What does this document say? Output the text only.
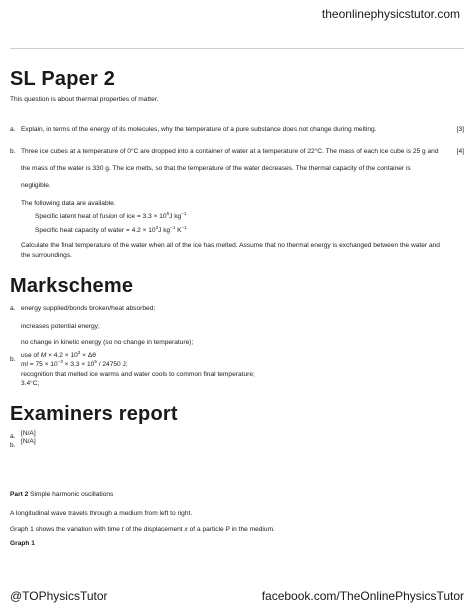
theonlinephysicstutor.com
SL Paper 2
This question is about thermal properties of matter.
a. Explain, in terms of the energy of its molecules, why the temperature of a pure substance does not change during melting.	[3]
b. Three ice cubes at a temperature of 0°C are dropped into a container of water at a temperature of 22°C. The mass of each ice cube is 25 g and	[4]
the mass of the water is 330 g. The ice melts, so that the temperature of the water decreases. The thermal capacity of the container is
negligible.
The following data are available.
Specific latent heat of fusion of ice = $3.3 \times 10^5J$ $kg^{-1}$
Specific heat capacity of water = $4.2 \times 10^3J$ $kg^{-1}$ $K^{-1}$
Calculate the final temperature of the water when all of the ice has melted. Assume that no thermal energy is exchanged between the water and
the surroundings.
Markscheme
a. energy supplied/bonds broken/heat absorbed;
increases potential energy;
no change in kinetic energy (so no change in temperature);
b.
use of $M \times 4.2 \times 10^3 \times \Delta\theta$
ml = $75 \times 10^{-3} \times 3.3 \times 10^5 / 24750$ J;
recognition that melted ice warms and water cools to common final temperature;
3.4°C;
Examiners report
a. [N/A]
b.
[N/A]
Part 2 Simple harmonic oscillations
A longitudinal wave travels through a medium from left to right.
Graph 1 shows the variation with time t of the displacement x of a particle P in the medium.
Graph 1
@TOPhysicsTutor	facebook.com/TheOnlinePhysicsTutor
